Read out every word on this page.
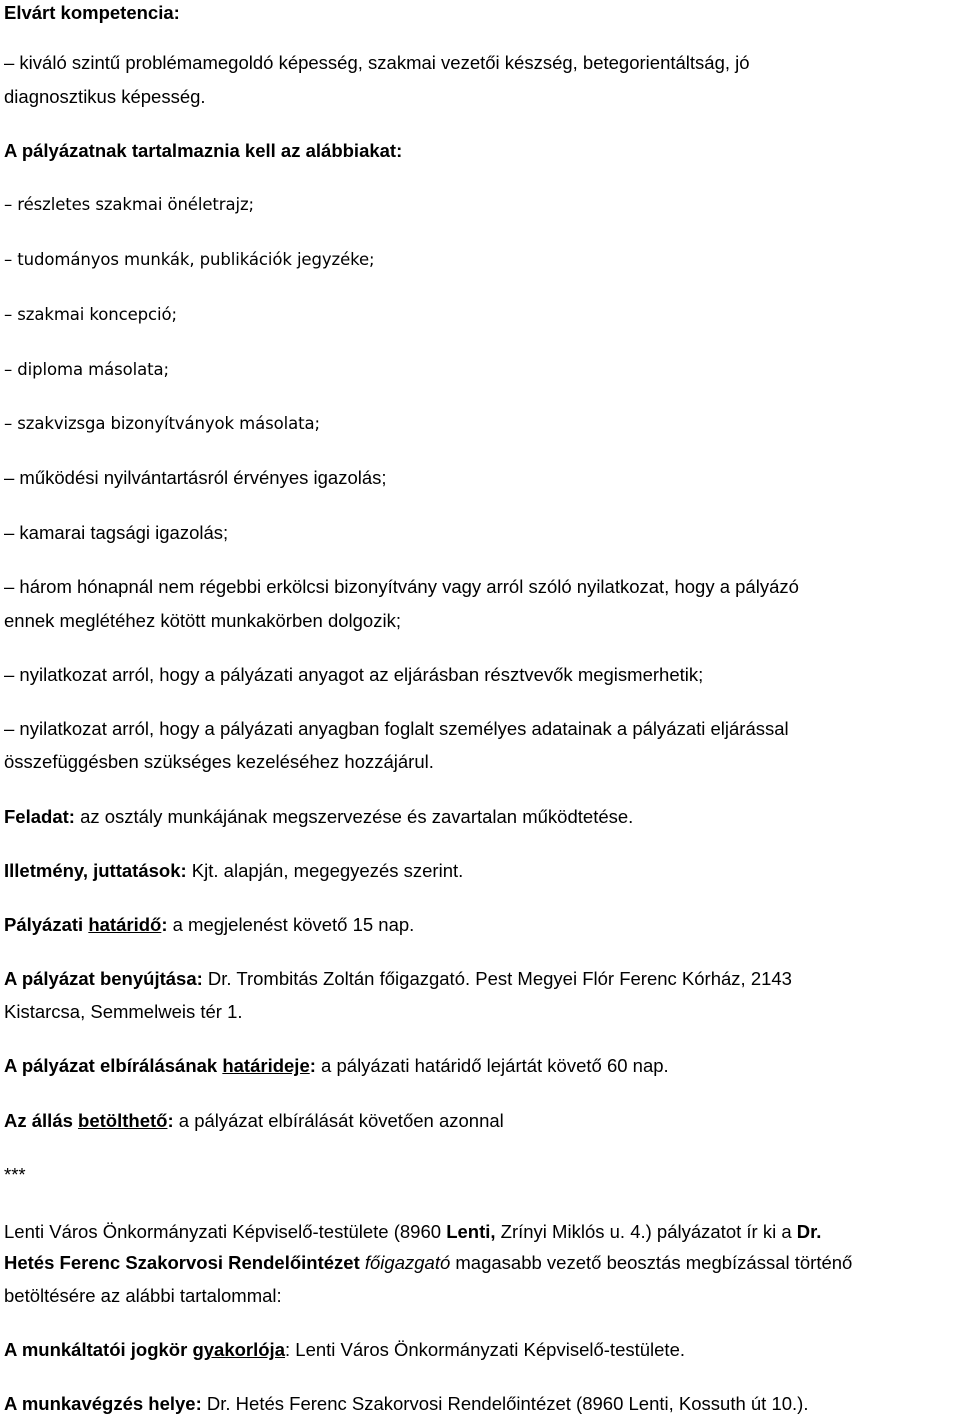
Elvárt kompetencia:
– kiváló szintű problémamegoldó képesség, szakmai vezetői készség, betegorientáltság, jó
diagnosztikus képesség.
A pályázatnak tartalmaznia kell az alábbiakat:
– részletes szakmai önéletrajz;
– tudományos munkák, publikációk jegyzéke;
– szakmai koncepció;
– diploma másolata;
– szakvizsga bizonyítványok másolata;
– működési nyilvántartásról érvényes igazolás;
– kamarai tagsági igazolás;
– három hónapnál nem régebbi erkölcsi bizonyítvány vagy arról szóló nyilatkozat, hogy a pályázó
ennek meglétéhez kötött munkakörben dolgozik;
– nyilatkozat arról, hogy a pályázati anyagot az eljárásban résztvevők megismerhetik;
– nyilatkozat arról, hogy a pályázati anyagban foglalt személyes adatainak a pályázati eljárással
összefüggésben szükséges kezeléséhez hozzájárul.
Feladat: az osztály munkájának megszervezése és zavartalan működtetése.
Illetmény, juttatások: Kjt. alapján, megegyezés szerint.
Pályázati határidő: a megjelenést követő 15 nap.
A pályázat benyújtása: Dr. Trombitás Zoltán főigazgató. Pest Megyei Flór Ferenc Kórház, 2143
Kistarcsa, Semmelweis tér 1.
A pályázat elbírálásának határideje: a pályázati határidő lejártát követő 60 nap.
Az állás betölthető: a pályázat elbírálását követően azonnal
***
Lenti Város Önkormányzati Képviselő-testülete (8960 Lenti, Zrínyi Miklós u. 4.) pályázatot ír ki a Dr.
Hetés Ferenc Szakorvosi Rendelőintézet főigazgató magasabb vezető beosztás megbízással történő
betöltésére az alábbi tartalommal:
A munkáltatói jogkör gyakorlója: Lenti Város Önkormányzati Képviselő-testülete.
A munkavégzés helye: Dr. Hetés Ferenc Szakorvosi Rendelőintézet (8960 Lenti, Kossuth út 10.).
